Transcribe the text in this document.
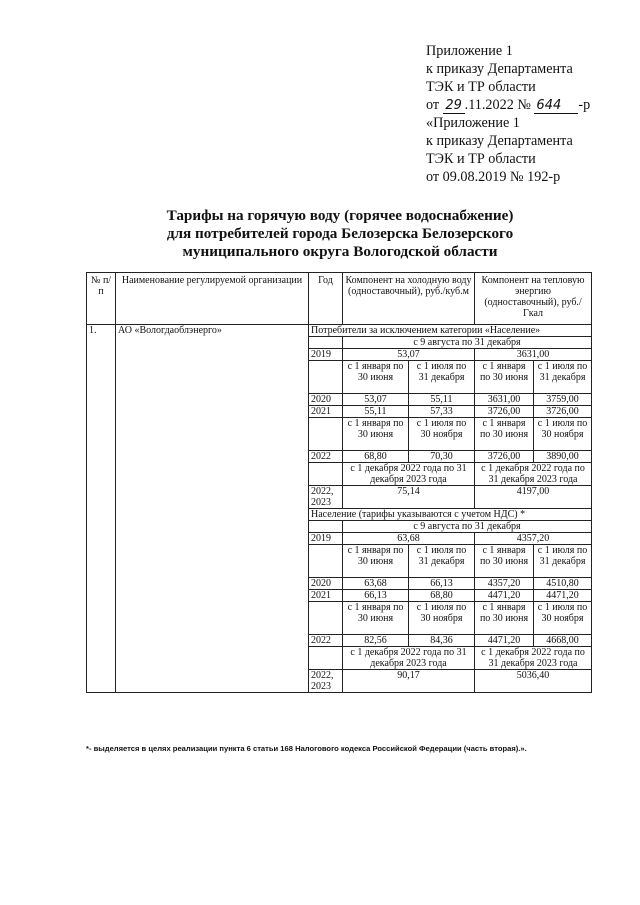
Приложение 1
к приказу Департамента
ТЭК и ТР области
от 29 .11.2022 № 644 -р
«Приложение 1
к приказу Департамента
ТЭК и ТР области
от 09.08.2019 № 192-р
Тарифы на горячую воду (горячее водоснабжение)
для потребителей города Белозерска Белозерского
муниципального округа Вологодской области
№ п/п	Наименование регулируемой организации	Год	Компонент на холодную воду (одноставочный), руб./куб.м		Компонент на тепловую энергию (одноставочный), руб./Гкал	
1.	АО «Вологдаоблэнерго»	Потребители за исключением категории «Население»				
			с 9 августа по 31 декабря			
		2019	53,07		3631,00	
			с 1 января по 30 июня	с 1 июля по 31 декабря	с 1 января по 30 июня	с 1 июля по 31 декабря
		2020	53,07	55,11	3631,00	3759,00
		2021	55,11	57,33	3726,00	3726,00
			с 1 января по 30 июня	с 1 июля по 30 ноября	с 1 января по 30 июня	с 1 июля по 30 ноября
		2022	68,80	70,30	3726,00	3890,00
			с 1 декабря 2022 года по 31 декабря 2023 года		с 1 декабря 2022 года по 31 декабря 2023 года	
		2022, 2023	75,14		4197,00	
		Население (тарифы указываются с учетом НДС) *				
			с 9 августа по 31 декабря			
		2019	63,68		4357,20	
			с 1 января по 30 июня	с 1 июля по 31 декабря	с 1 января по 30 июня	с 1 июля по 31 декабря
		2020	63,68	66,13	4357,20	4510,80
		2021	66,13	68,80	4471,20	4471,20
			с 1 января по 30 июня	с 1 июля по 30 ноября	с 1 января по 30 июня	с 1 июля по 30 ноября
		2022	82,56	84,36	4471,20	4668,00
			с 1 декабря 2022 года по 31 декабря 2023 года		с 1 декабря 2022 года по 31 декабря 2023 года	
		2022, 2023	90,17		5036,40	
*- выделяется в целях реализации пункта 6 статьи 168 Налогового кодекса Российской Федерации (часть вторая).».
